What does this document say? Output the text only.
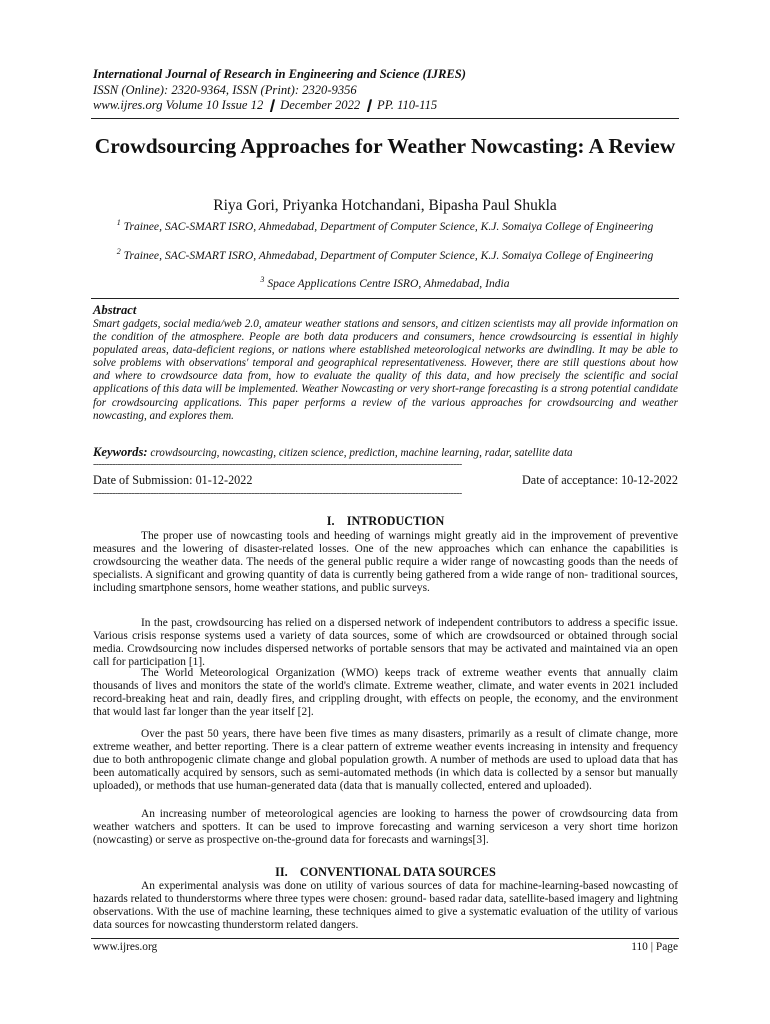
International Journal of Research in Engineering and Science (IJRES)
ISSN (Online): 2320-9364, ISSN (Print): 2320-9356
www.ijres.org Volume 10 Issue 12 ❙ December 2022 ❙ PP. 110-115
Crowdsourcing Approaches for Weather Nowcasting: A Review
Riya Gori, Priyanka Hotchandani, Bipasha Paul Shukla
$^1$ Trainee, SAC-SMART ISRO, Ahmedabad, Department of Computer Science, K.J. Somaiya College of Engineering
$^2$ Trainee, SAC-SMART ISRO, Ahmedabad, Department of Computer Science, K.J. Somaiya College of Engineering
$^3$ Space Applications Centre ISRO, Ahmedabad, India
Abstract
Smart gadgets, social media/web 2.0, amateur weather stations and sensors, and citizen scientists may all provide information on the condition of the atmosphere. People are both data producers and consumers, hence crowdsourcing is essential in highly populated areas, data-deficient regions, or nations where established meteorological networks are dwindling. It may be able to solve problems with observations' temporal and geographical representativeness. However, there are still questions about how and where to crowdsource data from, how to evaluate the quality of this data, and how precisely the scientific and social applications of this data will be implemented. Weather Nowcasting or very short-range forecasting is a strong potential candidate for crowdsourcing applications. This paper performs a review of the various approaches for crowdsourcing and weather nowcasting, and explores them.
Keywords: crowdsourcing, nowcasting, citizen science, prediction, machine learning, radar, satellite data
---------------------------------------------------------------------------------------------------------------------------------------
Date of Submission: 01-12-2022	Date of acceptance: 10-12-2022
---------------------------------------------------------------------------------------------------------------------------------------
I. INTRODUCTION
The proper use of nowcasting tools and heeding of warnings might greatly aid in the improvement of preventive measures and the lowering of disaster-related losses. One of the new approaches which can enhance the capabilities is crowdsourcing the weather data. The needs of the general public require a wider range of nowcasting goods than the needs of specialists. A significant and growing quantity of data is currently being gathered from a wide range of non- traditional sources, including smartphone sensors, home weather stations, and public surveys.
In the past, crowdsourcing has relied on a dispersed network of independent contributors to address a specific issue. Various crisis response systems used a variety of data sources, some of which are crowdsourced or obtained through social media. Crowdsourcing now includes dispersed networks of portable sensors that may be activated and maintained via an open call for participation [1].
The World Meteorological Organization (WMO) keeps track of extreme weather events that annually claim thousands of lives and monitors the state of the world's climate. Extreme weather, climate, and water events in 2021 included record-breaking heat and rain, deadly fires, and crippling drought, with effects on people, the economy, and the environment that would last far longer than the year itself [2].
Over the past 50 years, there have been five times as many disasters, primarily as a result of climate change, more extreme weather, and better reporting. There is a clear pattern of extreme weather events increasing in intensity and frequency due to both anthropogenic climate change and global population growth. A number of methods are used to upload data that has been automatically acquired by sensors, such as semi-automated methods (in which data is collected by a sensor but manually uploaded), or methods that use human-generated data (data that is manually collected, entered and uploaded).
An increasing number of meteorological agencies are looking to harness the power of crowdsourcing data from weather watchers and spotters. It can be used to improve forecasting and warning serviceson a very short time horizon (nowcasting) or serve as prospective on-the-ground data for forecasts and warnings[3].
II. CONVENTIONAL DATA SOURCES
An experimental analysis was done on utility of various sources of data for machine-learning-based nowcasting of hazards related to thunderstorms where three types were chosen: ground- based radar data, satellite-based imagery and lightning observations. With the use of machine learning, these techniques aimed to give a systematic evaluation of the utility of various data sources for nowcasting thunderstorm related dangers.
www.ijres.org	110 | Page
